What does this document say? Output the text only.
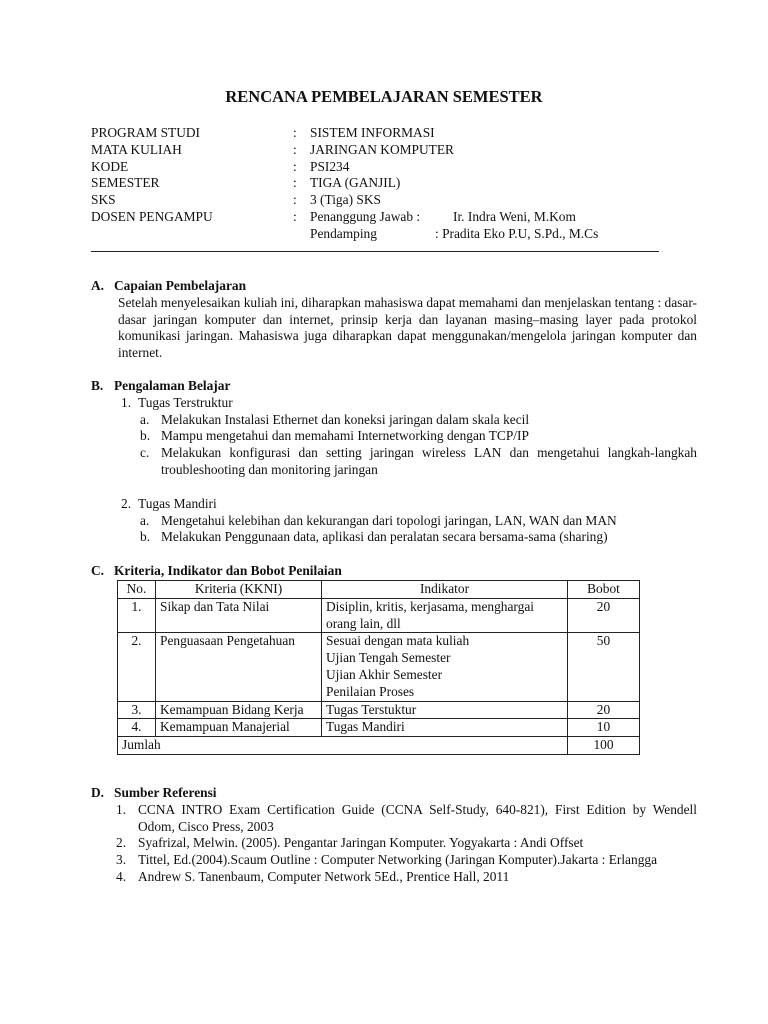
RENCANA PEMBELAJARAN SEMESTER
PROGRAM STUDI	: SISTEM INFORMASI
MATA KULIAH	: JARINGAN KOMPUTER
KODE	: PSI234
SEMESTER	: TIGA (GANJIL)
SKS	: 3 (Tiga) SKS
DOSEN PENGAMPU	: Penanggung Jawab : Ir. Indra Weni, M.Kom
Pendamping	: Pradita Eko P.U, S.Pd., M.Cs
A. Capaian Pembelajaran
Setelah menyelesaikan kuliah ini, diharapkan mahasiswa dapat memahami dan menjelaskan tentang : dasar-dasar jaringan komputer dan internet, prinsip kerja dan layanan masing–masing layer pada protokol komunikasi jaringan. Mahasiswa juga diharapkan dapat menggunakan/mengelola jaringan komputer dan internet.
B. Pengalaman Belajar
1. Tugas Terstruktur
a. Melakukan Instalasi Ethernet dan koneksi jaringan dalam skala kecil
b. Mampu mengetahui dan memahami Internetworking dengan TCP/IP
c. Melakukan konfigurasi dan setting jaringan wireless LAN dan mengetahui langkah-langkah troubleshooting dan monitoring jaringan
2. Tugas Mandiri
a. Mengetahui kelebihan dan kekurangan dari topologi jaringan, LAN, WAN dan MAN
b. Melakukan Penggunaan data, aplikasi dan peralatan secara bersama-sama (sharing)
C. Kriteria, Indikator dan Bobot Penilaian
No.	Kriteria (KKNI)	Indikator	Bobot
1.	Sikap dan Tata Nilai	Disiplin, kritis, kerjasama, menghargai orang lain, dll	20
2.	Penguasaan Pengetahuan	Sesuai dengan mata kuliah
Ujian Tengah Semester
Ujian Akhir Semester
Penilaian Proses	50
3.	Kemampuan Bidang Kerja	Tugas Terstuktur	20
4.	Kemampuan Manajerial	Tugas Mandiri	10
Jumlah			100
D. Sumber Referensi
1. CCNA INTRO Exam Certification Guide (CCNA Self-Study, 640-821), First Edition by Wendell Odom, Cisco Press, 2003
2. Syafrizal, Melwin. (2005). Pengantar Jaringan Komputer. Yogyakarta : Andi Offset
3. Tittel, Ed.(2004).Scaum Outline : Computer Networking (Jaringan Komputer).Jakarta : Erlangga
4. Andrew S. Tanenbaum, Computer Network 5Ed., Prentice Hall, 2011
